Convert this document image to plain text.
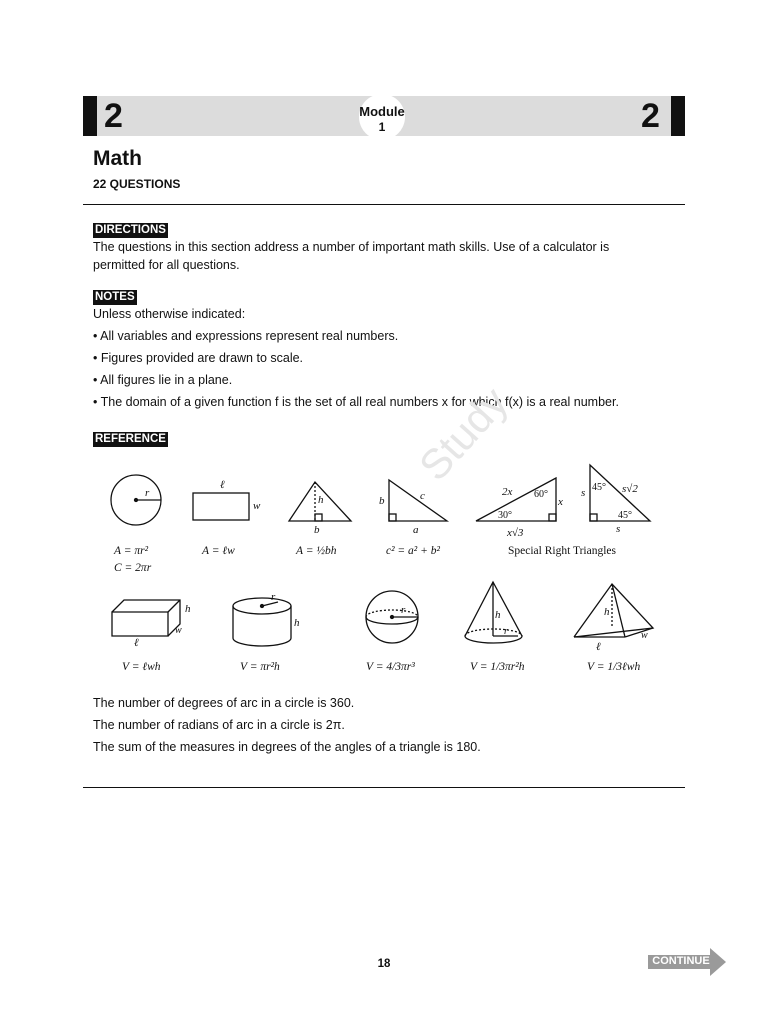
2	2
Module
1
Math
22 QUESTIONS
DIRECTIONS
The questions in this section address a number of important math skills. Use of a calculator is permitted for all questions.
NOTES
Unless otherwise indicated:
• All variables and expressions represent real numbers.
• Figures provided are drawn to scale.
• All figures lie in a plane.
• The domain of a given function f is the set of all real numbers x for which f(x) is a real number.
Study
REFERENCE
r
ℓ
w	h
b
b	c
a
2x 60°
30°
x
x√3
45°
s	s√2
45°
s
A = πr²
C = 2πr
A = ℓw	A = ½bh	c² = a² + b²	Special Right Triangles
h
w
ℓ
r
h
r	h
r
h
w
ℓ
V = ℓwh	V = πr²h	V = 4/3πr³	V = 1/3πr²h	V = 1/3ℓwh
The number of degrees of arc in a circle is 360.
The number of radians of arc in a circle is 2π.
The sum of the measures in degrees of the angles of a triangle is 180.
18	CONTINUE
